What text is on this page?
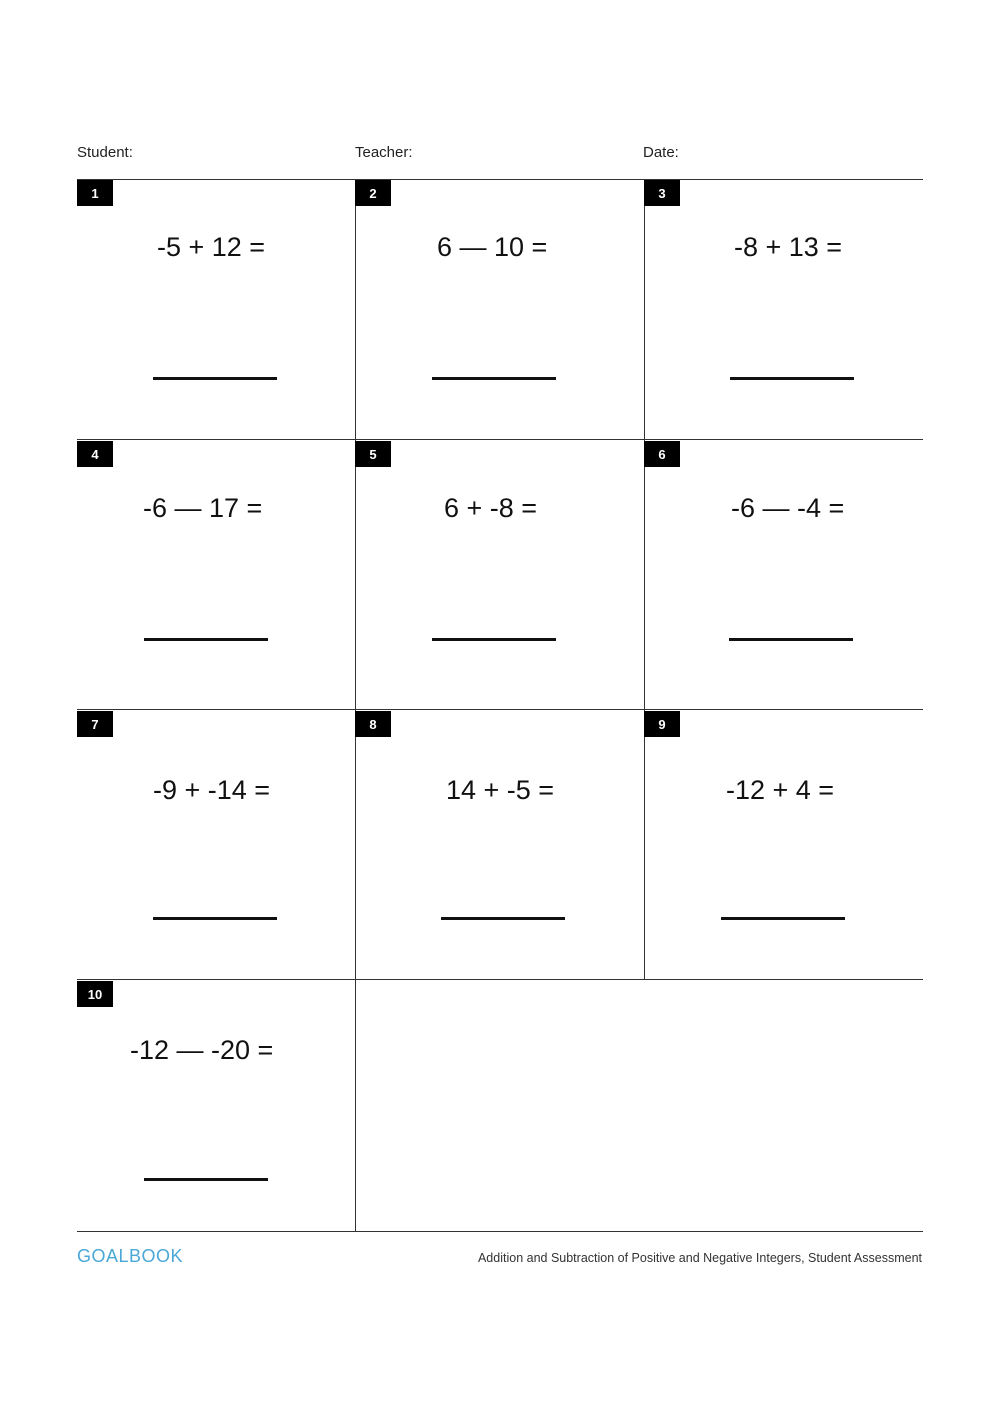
Student:	Teacher:	Date:
1
-5 + 12 =
2
6 — 10 =
3
-8 + 13 =
4
-6 — 17 =
5
6 + -8 =
6
-6 — -4 =
7
-9 + -14 =
8
14 + -5 =
9
-12 + 4 =
10
-12 — -20 =
GOALBOOK	Addition and Subtraction of Positive and Negative Integers, Student Assessment
